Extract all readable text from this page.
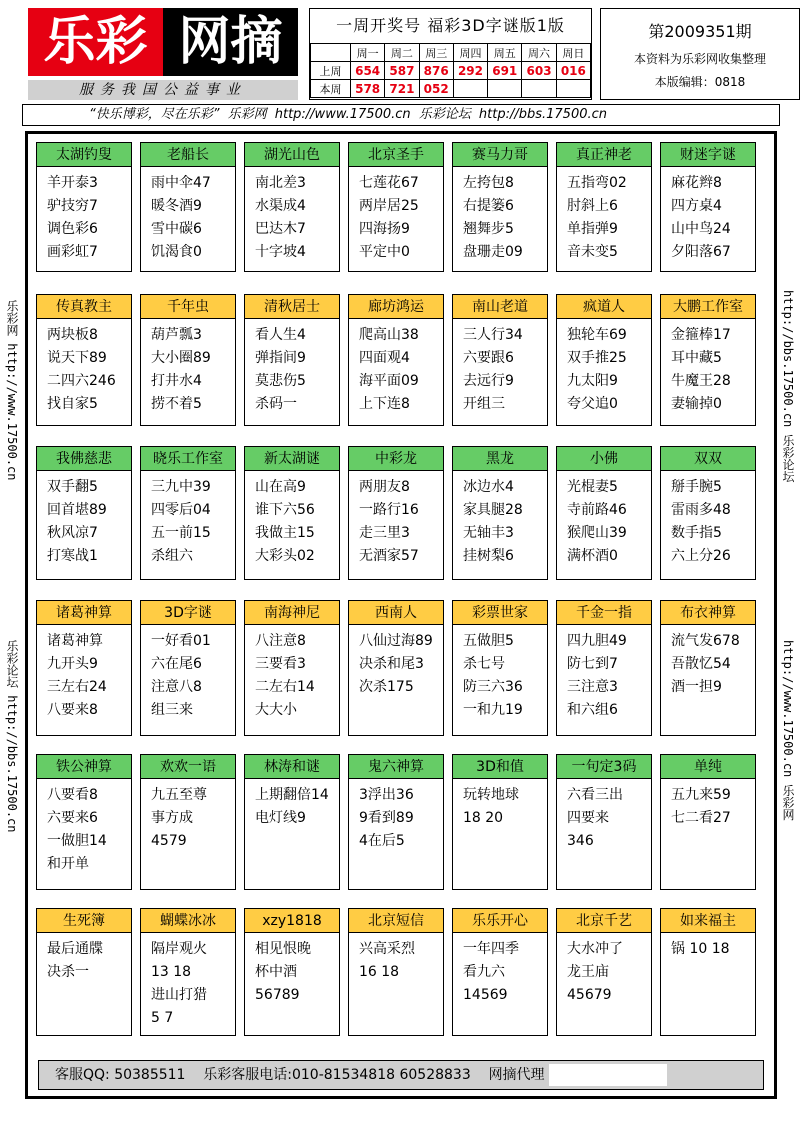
乐彩 网摘
服务我国公益事业
一周开奖号 福彩3D字谜版1版
	周一	周二	周三	周四	周五	周六	周日
上周	654	587	876	292	691	603	016
本周	578	721	052				
第2009351期
本资料为乐彩网收集整理
本版编辑：0818
“快乐博彩，尽在乐彩” 乐彩网 http://www.17500.cn 乐彩论坛 http://bbs.17500.cn
乐彩网 http://www.17500.cn
乐彩论坛 http://bbs.17500.cn
http://bbs.17500.cn 乐彩论坛
http://www.17500.cn 乐彩网
太湖钓叟
羊开泰3
驴技穷7
调色彩6
画彩虹7
老船长
雨中伞47
暖冬酒9
雪中碳6
饥渴食0
湖光山色
南北差3
水渠成4
巴达木7
十字坡4
北京圣手
七莲花67
两岸居25
四海扬9
平定中0
赛马力哥
左挎包8
右提篓6
翘舞步5
盘珊走09
真正神老
五指弯02
肘斜上6
单指弹9
音未变5
财迷字谜
麻花辫8
四方桌4
山中鸟24
夕阳落67
传真教主
两块板8
说天下89
二四六246
找自家5
千年虫
葫芦瓢3
大小圈89
打井水4
捞不着5
清秋居士
看人生4
弹指间9
莫悲伤5
杀码一
廊坊鸿运
爬高山38
四面观4
海平面09
上下连8
南山老道
三人行34
六要跟6
去远行9
开组三
疯道人
独轮车69
双手推25
九太阳9
夸父追0
大鹏工作室
金箍棒17
耳中藏5
牛魔王28
妻输掉0
我佛慈悲
双手翻5
回首堪89
秋风凉7
打寒战1
晓乐工作室
三九中39
四零后04
五一前15
杀组六
新太湖谜
山在高9
谁下六56
我做主15
大彩头02
中彩龙
两朋友8
一路行16
走三里3
无酒家57
黑龙
冰边水4
家具腿28
无轴丰3
挂树梨6
小佛
光棍妻5
寺前路46
猴爬山39
满杯酒0
双双
掰手腕5
雷雨多48
数手指5
六上分26
诸葛神算
诸葛神算
九开头9
三左右24
八要来8
3D字谜
一好看01
六在尾6
注意八8
组三来
南海神尼
八注意8
三要看3
二左右14
大大小
西南人
八仙过海89
决杀和尾3
次杀175
彩票世家
五做胆5
杀七号
防三六36
一和九19
千金一指
四九胆49
防七到7
三注意3
和六组6
布衣神算
流气发678
吾散忆54
酒一担9
铁公神算
八要看8
六要来6
一做胆14
和开单
欢欢一语
九五至尊
事方成
4579
林涛和谜
上期翻倍14
电灯线9
鬼六神算
3浮出36
9看到89
4在后5
3D和值
玩转地球
18 20
一句定3码
六看三出
四要来
346
单纯
五九来59
七二看27
生死簿
最后通牒
决杀一
蝴蝶冰冰
隔岸观火
13 18
进山打猎
5 7
xzy1818
相见恨晚
杯中酒
56789
北京短信
兴高采烈
16 18
乐乐开心
一年四季
看九六
14569
北京千艺
大水冲了
龙王庙
45679
如来福主
锅 10 18
客服QQ: 50385511 乐彩客服电话:010-81534818 60528833 网摘代理
